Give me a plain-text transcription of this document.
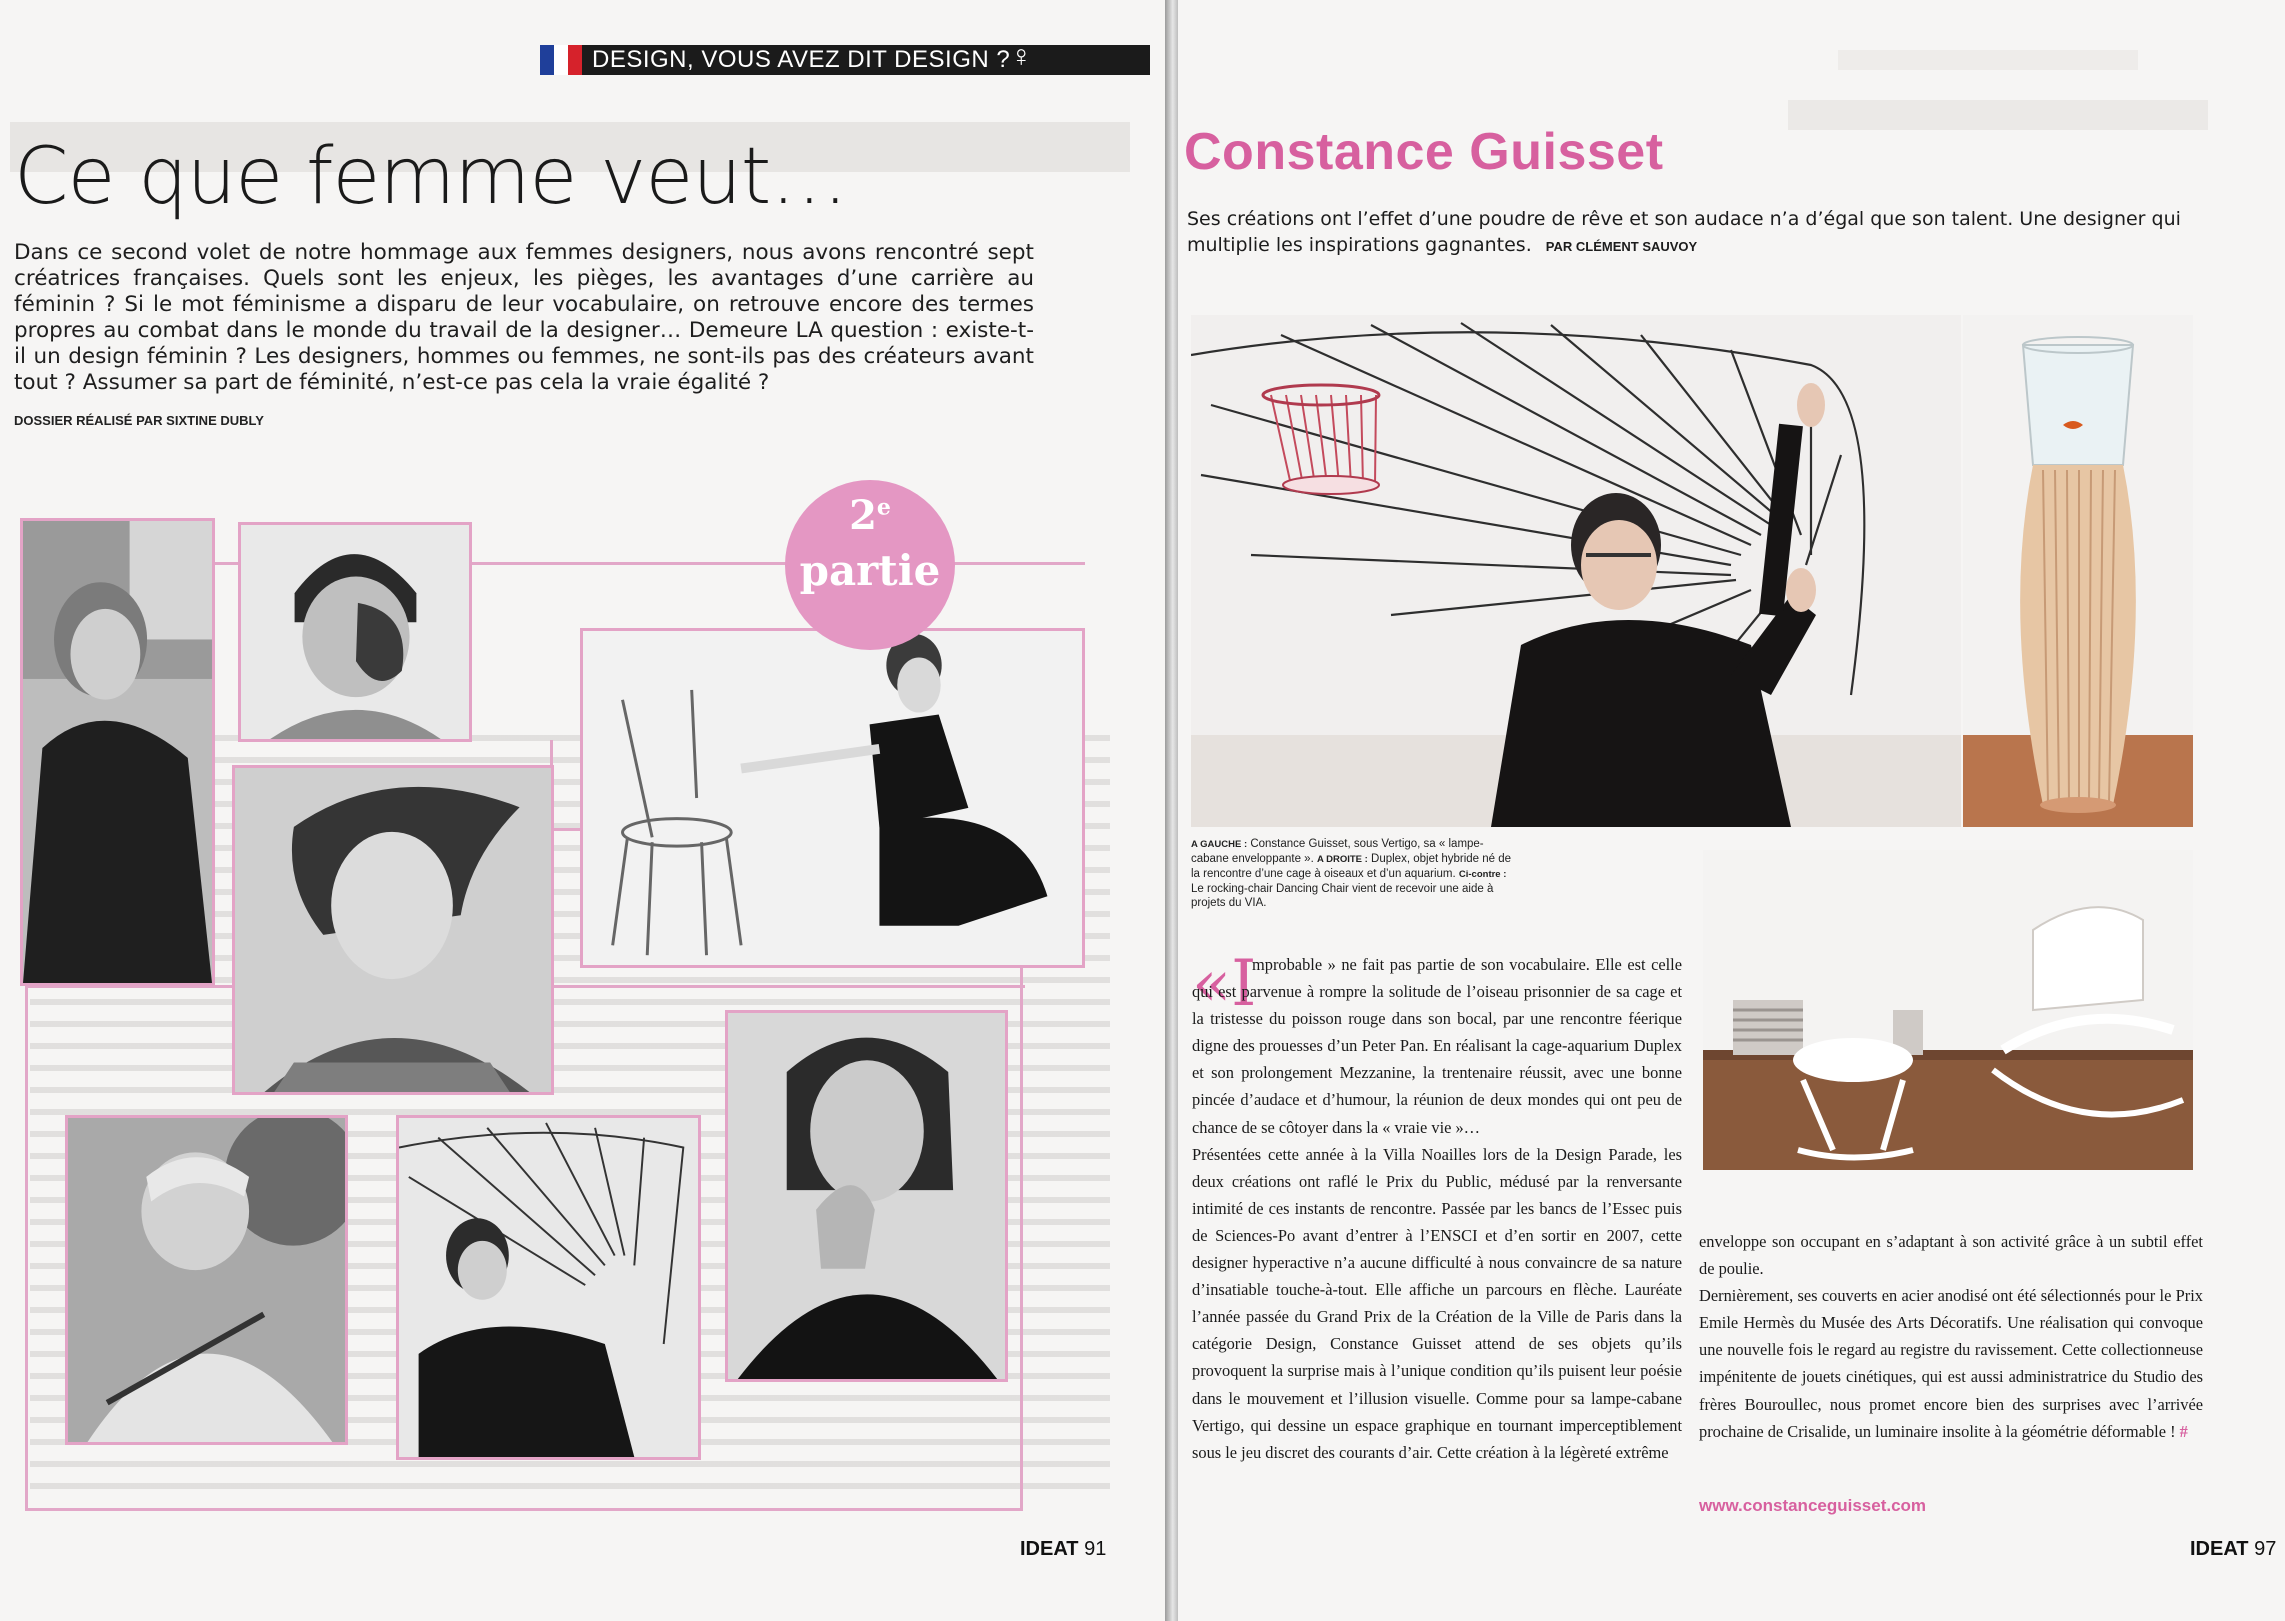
DESIGN, VOUS AVEZ DIT DESIGN ? ♀
Ce que femme veut…
Dans ce second volet de notre hommage aux femmes designers, nous avons rencontré sept créatrices françaises. Quels sont les enjeux, les pièges, les avantages d’une carrière au féminin ? Si le mot féminisme a disparu de leur vocabulaire, on retrouve encore des termes propres au combat dans le monde du travail de la designer… Demeure LA question : existe-t-il un design féminin ? Les designers, hommes ou femmes, ne sont-ils pas des créateurs avant tout ? Assumer sa part de féminité, n’est-ce pas cela la vraie égalité ?
DOSSIER RÉALISÉ PAR SIXTINE DUBLY
2e
partie
IDEAT 91
Constance Guisset
Ses créations ont l’effet d’une poudre de rêve et son audace n’a d’égal que son talent. Une designer qui multiplie les inspirations gagnantes. PAR CLÉMENT SAUVOY
A GAUCHE : Constance Guisset, sous Vertigo, sa « lampe-cabane enveloppante ». A DROITE : Duplex, objet hybride né de la rencontre d’une cage à oiseaux et d’un aquarium. Ci-contre : Le rocking-chair Dancing Chair vient de recevoir une aide à projets du VIA.
«I

mprobable » ne fait pas partie de son vocabulaire. Elle est celle qui est parvenue à rompre la solitude de l’oiseau prisonnier de sa cage et la tristesse du poisson rouge dans son bocal, par une rencontre féerique digne des prouesses d’un Peter Pan. En réalisant la cage-aquarium Duplex et son prolongement Mezzanine, la trentenaire réussit, avec une bonne pincée d’audace et d’humour, la réunion de deux mondes qui ont peu de chance de se côtoyer dans la « vraie vie »…

Présentées cette année à la Villa Noailles lors de la Design Parade, les deux créations ont raflé le Prix du Public, médusé par la renversante intimité de ces instants de rencontre. Passée par les bancs de l’Essec puis de Sciences-Po avant d’entrer à l’ENSCI et d’en sortir en 2007, cette designer hyperactive n’a aucune difficulté à nous convaincre de sa nature d’insatiable touche-à-tout. Elle affiche un parcours en flèche. Lauréate l’année passée du Grand Prix de la Création de la Ville de Paris dans la catégorie Design, Constance Guisset attend de ses objets qu’ils provoquent la surprise mais à l’unique condition qu’ils puisent leur poésie dans le mouvement et l’illusion visuelle. Comme pour sa lampe-cabane Vertigo, qui dessine un espace graphique en tournant imperceptiblement sous le jeu discret des courants d’air. Cette création à la légèreté extrême

enveloppe son occupant en s’adaptant à son activité grâce à un subtil effet de poulie.

Dernièrement, ses couverts en acier anodisé ont été sélectionnés pour le Prix Emile Hermès du Musée des Arts Décoratifs. Une réalisation qui convoque une nouvelle fois le regard au registre du ravissement. Cette collectionneuse impénitente de jouets cinétiques, qui est aussi administratrice du Studio des frères Bouroullec, nous promet encore bien des surprises avec l’arrivée prochaine de Crisalide, un luminaire insolite à la géométrie déformable ! #

www.constanceguisset.com
IDEAT 97
